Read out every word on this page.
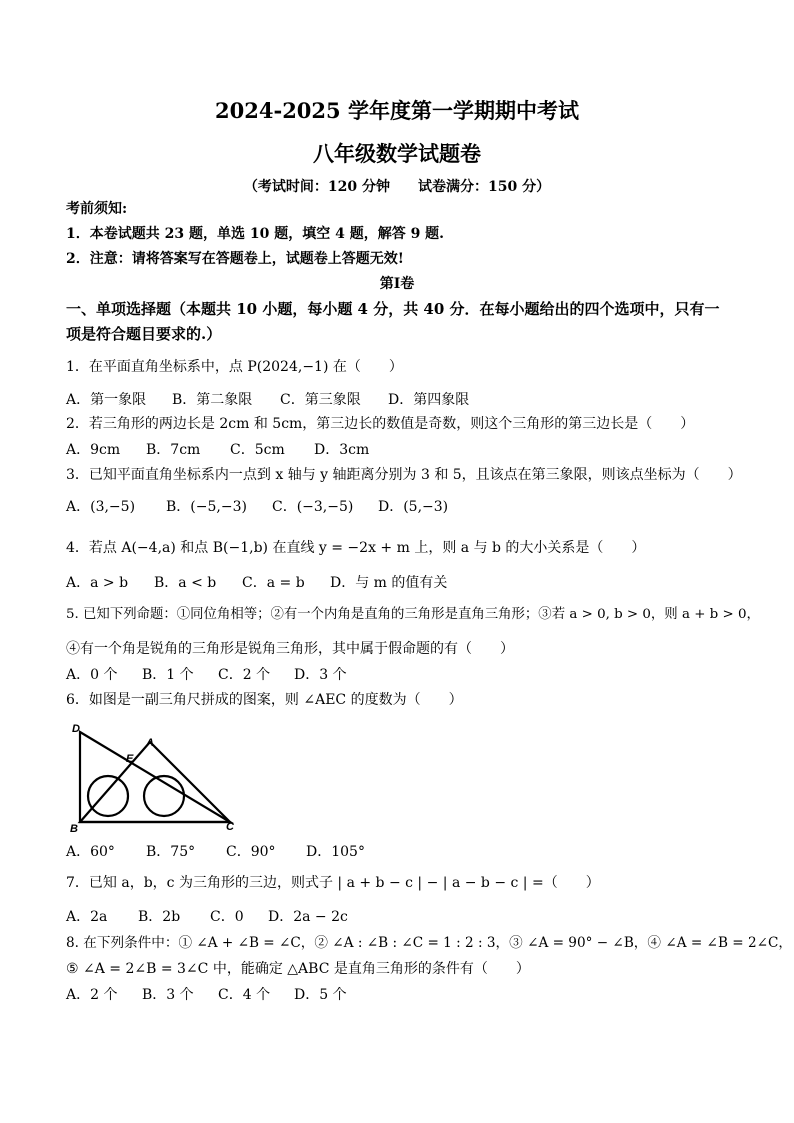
2024-2025 学年度第一学期期中考试
八年级数学试题卷
（考试时间：120 分钟　　试卷满分：150 分）
考前须知:
1．本卷试题共 23 题，单选 10 题，填空 4 题，解答 9 题.
2．注意：请将答案写在答题卷上，试题卷上答题无效!
第Ⅰ卷
一、单项选择题（本题共 10 小题，每小题 4 分，共 40 分．在每小题给出的四个选项中，只有一
项是符合题目要求的.）
1．在平面直角坐标系中，点 P(2024,−1) 在（　　）
A．第一象限 B．第二象限 C．第三象限 D．第四象限
2．若三角形的两边长是 2cm 和 5cm，第三边长的数值是奇数，则这个三角形的第三边长是（　　）
A．9cm B．7cm C．5cm D．3cm
3．已知平面直角坐标系内一点到 x 轴与 y 轴距离分别为 3 和 5，且该点在第三象限，则该点坐标为（　　）
A．(3,−5) B．(−5,−3) C．(−3,−5) D．(5,−3)
4．若点 A(−4,a) 和点 B(−1,b) 在直线 y = −2x + m 上，则 a 与 b 的大小关系是（　　）
A．a > b B．a < b C．a = b D．与 m 的值有关
5. 已知下列命题：①同位角相等；②有一个内角是直角的三角形是直角三角形；③若 a > 0, b > 0，则 a + b > 0，
④有一个角是锐角的三角形是锐角三角形，其中属于假命题的有（　　）
A．0 个 B．1 个 C．2 个 D．3 个
6．如图是一副三角尺拼成的图案，则 ∠AEC 的度数为（　　）
D
A
E
B	C
A．60° B．75° C．90° D．105°
7．已知 a，b，c 为三角形的三边，则式子 | a + b − c | − | a − b − c | =（　　）
A．2a B．2b C．0 D．2a − 2c
8. 在下列条件中：① ∠A + ∠B = ∠C，② ∠A : ∠B : ∠C = 1 : 2 : 3，③ ∠A = 90° − ∠B，④ ∠A = ∠B = 2∠C，
⑤ ∠A = 2∠B = 3∠C 中，能确定 △ABC 是直角三角形的条件有（　　）
A．2 个 B．3 个 C．4 个 D．5 个
